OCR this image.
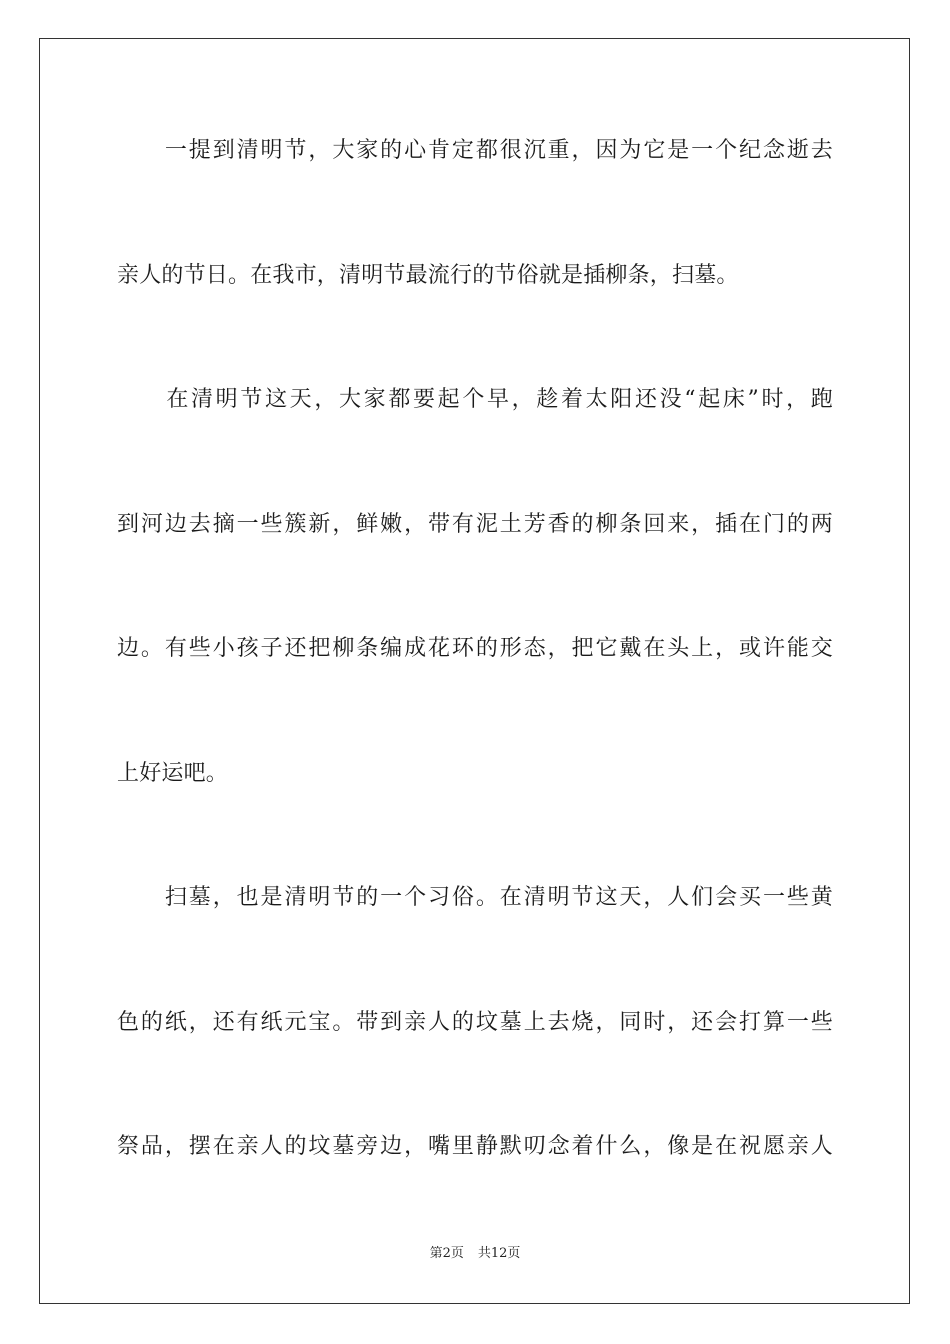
　　一提到清明节，大家的心肯定都很沉重，因为它是一个纪念逝去
亲人的节日。在我市，清明节最流行的节俗就是插柳条，扫墓。
　　在清明节这天，大家都要起个早，趁着太阳还没“起床”时，跑
到河边去摘一些簇新，鲜嫩，带有泥土芳香的柳条回来，插在门的两
边。有些小孩子还把柳条编成花环的形态，把它戴在头上，或许能交
上好运吧。
　　扫墓，也是清明节的一个习俗。在清明节这天，人们会买一些黄
色的纸，还有纸元宝。带到亲人的坟墓上去烧，同时，还会打算一些
祭品，摆在亲人的坟墓旁边，嘴里静默叨念着什么，像是在祝愿亲人
第2页 共12页
